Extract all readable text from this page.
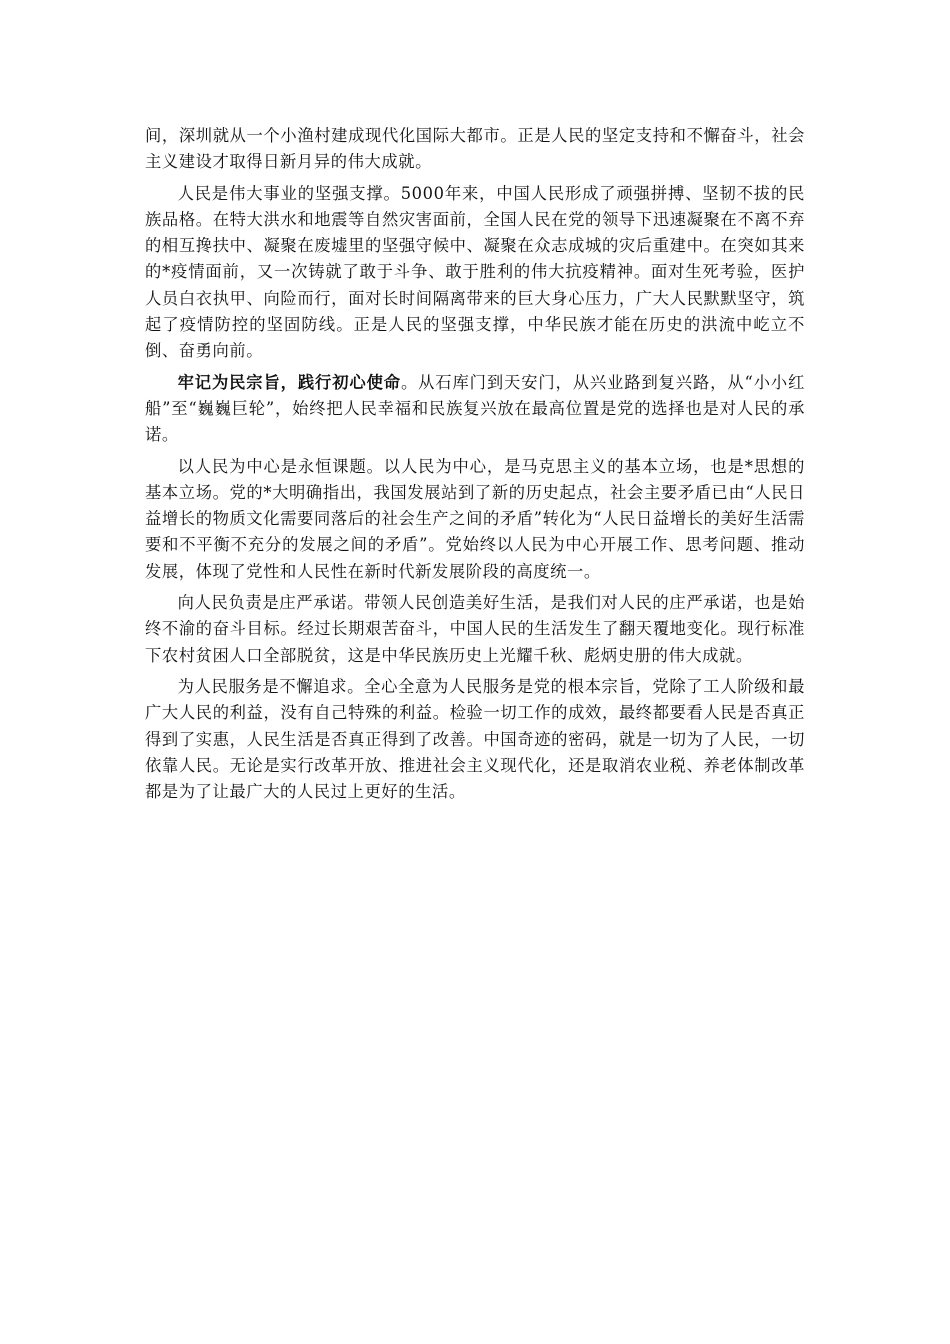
间，深圳就从一个小渔村建成现代化国际大都市。正是人民的坚定支持和不懈奋斗，社会主义建设才取得日新月异的伟大成就。

人民是伟大事业的坚强支撑。5000年来，中国人民形成了顽强拼搏、坚韧不拔的民族品格。在特大洪水和地震等自然灾害面前，全国人民在党的领导下迅速凝聚在不离不弃的相互搀扶中、凝聚在废墟里的坚强守候中、凝聚在众志成城的灾后重建中。在突如其来的*疫情面前，又一次铸就了敢于斗争、敢于胜利的伟大抗疫精神。面对生死考验，医护人员白衣执甲、向险而行，面对长时间隔离带来的巨大身心压力，广大人民默默坚守，筑起了疫情防控的坚固防线。正是人民的坚强支撑，中华民族才能在历史的洪流中屹立不倒、奋勇向前。

牢记为民宗旨，践行初心使命。从石库门到天安门，从兴业路到复兴路，从“小小红船”至“巍巍巨轮”，始终把人民幸福和民族复兴放在最高位置是党的选择也是对人民的承诺。

以人民为中心是永恒课题。以人民为中心，是马克思主义的基本立场，也是*思想的基本立场。党的*大明确指出，我国发展站到了新的历史起点，社会主要矛盾已由“人民日益增长的物质文化需要同落后的社会生产之间的矛盾”转化为“人民日益增长的美好生活需要和不平衡不充分的发展之间的矛盾”。党始终以人民为中心开展工作、思考问题、推动发展，体现了党性和人民性在新时代新发展阶段的高度统一。

向人民负责是庄严承诺。带领人民创造美好生活，是我们对人民的庄严承诺，也是始终不渝的奋斗目标。经过长期艰苦奋斗，中国人民的生活发生了翻天覆地变化。现行标准下农村贫困人口全部脱贫，这是中华民族历史上光耀千秋、彪炳史册的伟大成就。

为人民服务是不懈追求。全心全意为人民服务是党的根本宗旨，党除了工人阶级和最广大人民的利益，没有自己特殊的利益。检验一切工作的成效，最终都要看人民是否真正得到了实惠，人民生活是否真正得到了改善。中国奇迹的密码，就是一切为了人民，一切依靠人民。无论是实行改革开放、推进社会主义现代化，还是取消农业税、养老体制改革都是为了让最广大的人民过上更好的生活。
